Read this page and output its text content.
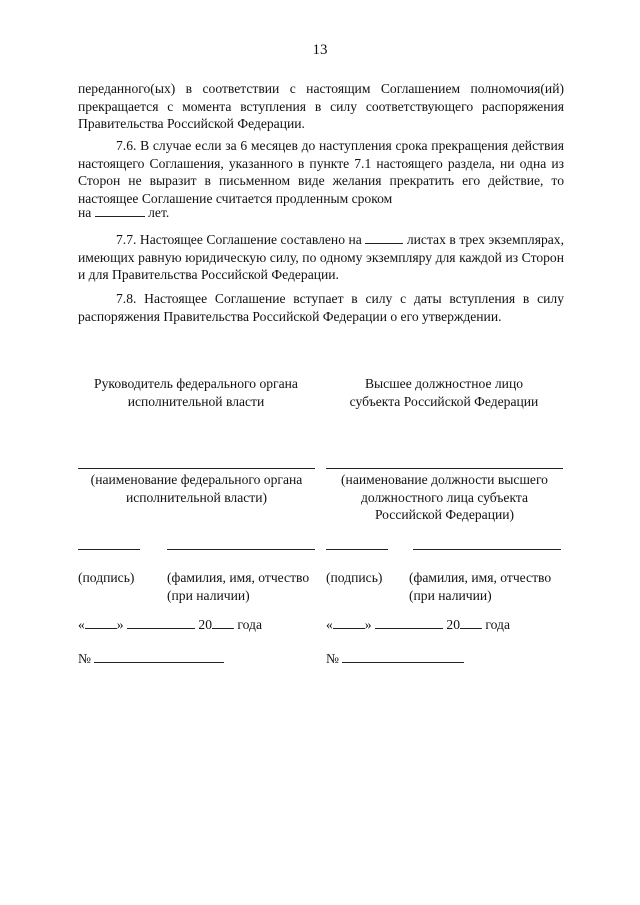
13

переданного(ых) в соответствии с настоящим Соглашением полномочия(ий) прекращается с момента вступления в силу соответствующего распоряжения Правительства Российской Федерации.

7.6. В случае если за 6 месяцев до наступления срока прекращения действия настоящего Соглашения, указанного в пункте 7.1 настоящего раздела, ни одна из Сторон не выразит в письменном виде желания прекратить его действие, то настоящее Соглашение считается продленным сроком

на	лет.

7.7. Настоящее Соглашение составлено на	листах в трех экземплярах, имеющих равную юридическую силу, по одному экземпляру для каждой из Сторон и для Правительства Российской Федерации.

7.8. Настоящее Соглашение вступает в силу с даты вступления в силу распоряжения Правительства Российской Федерации о его утверждении.

Руководитель федерального органа
исполнительной власти
(наименование федерального органа исполнительной власти)
(подпись) (фамилия, имя, отчество (при наличии)
« »	20 года
№
Высшее должностное лицо
субъекта Российской Федерации
(наименование должности высшего должностного лица субъекта Российской Федерации)
(подпись) (фамилия, имя, отчество (при наличии)
« »	20 года
№
